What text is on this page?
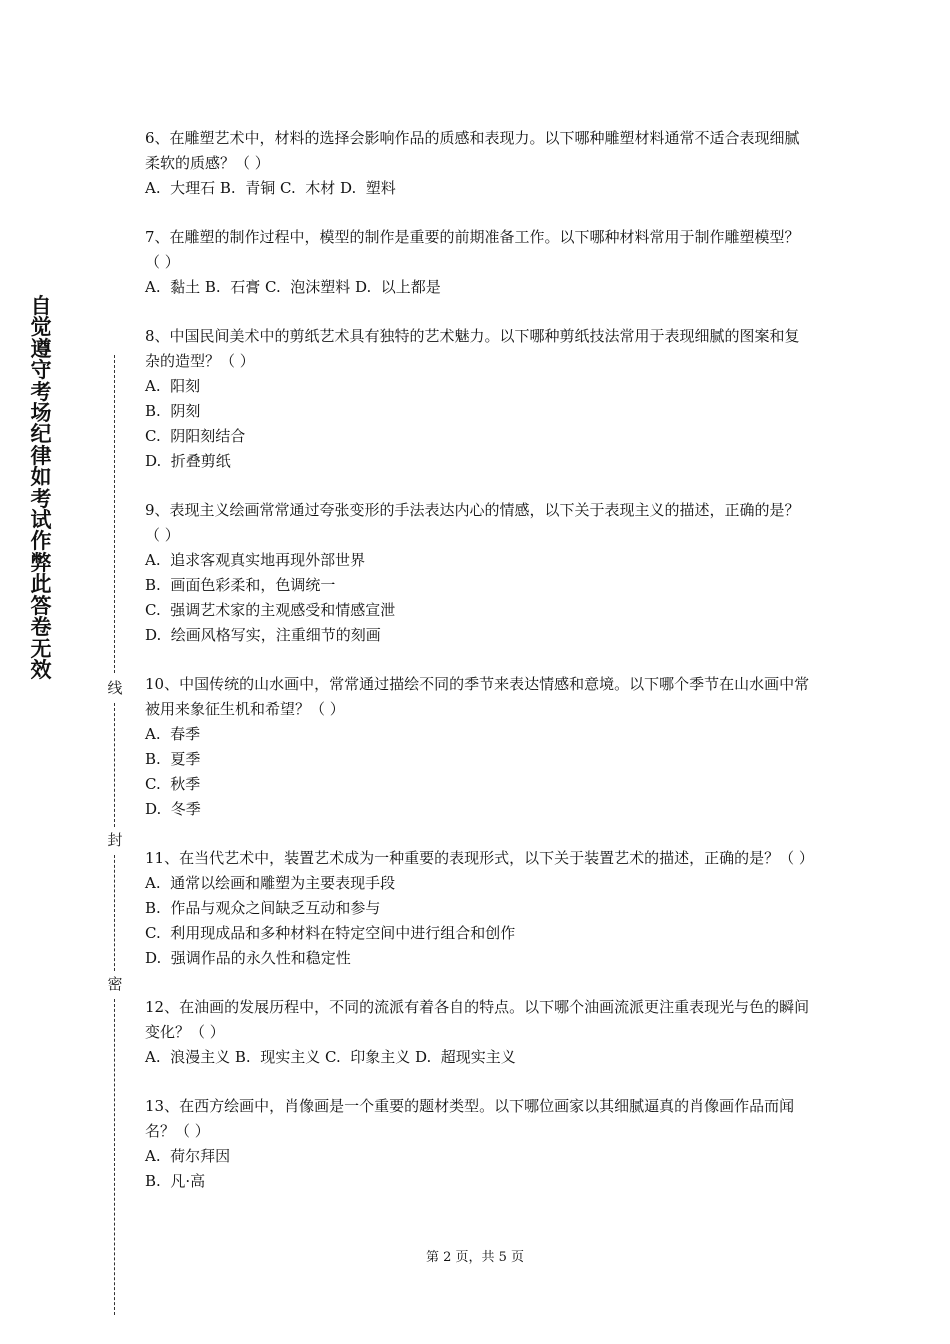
自
觉
遵
守
考
场
纪
律
如
考
试
作
弊
此
答
卷
无
效
线
封
密

6、在雕塑艺术中，材料的选择会影响作品的质感和表现力。以下哪种雕塑材料通常不适合表现细腻柔软的质感？（ ）

A.  大理石 B.  青铜 C.  木材 D.  塑料

7、在雕塑的制作过程中，模型的制作是重要的前期准备工作。以下哪种材料常用于制作雕塑模型？（ ）

A.  黏土 B.  石膏 C.  泡沫塑料 D.  以上都是

8、中国民间美术中的剪纸艺术具有独特的艺术魅力。以下哪种剪纸技法常用于表现细腻的图案和复杂的造型？（ ）

A.  阳刻

B.  阴刻

C.  阴阳刻结合

D.  折叠剪纸

9、表现主义绘画常常通过夸张变形的手法表达内心的情感，以下关于表现主义的描述，正确的是？（ ）

A.  追求客观真实地再现外部世界

B.  画面色彩柔和，色调统一

C.  强调艺术家的主观感受和情感宣泄

D.  绘画风格写实，注重细节的刻画

10、中国传统的山水画中，常常通过描绘不同的季节来表达情感和意境。以下哪个季节在山水画中常被用来象征生机和希望？（ ）

A.  春季

B.  夏季

C.  秋季

D.  冬季

11、在当代艺术中，装置艺术成为一种重要的表现形式，以下关于装置艺术的描述，正确的是？（ ）

A.  通常以绘画和雕塑为主要表现手段

B.  作品与观众之间缺乏互动和参与

C.  利用现成品和多种材料在特定空间中进行组合和创作

D.  强调作品的永久性和稳定性

12、在油画的发展历程中，不同的流派有着各自的特点。以下哪个油画流派更注重表现光与色的瞬间变化？（ ）

A.  浪漫主义 B.  现实主义 C.  印象主义 D.  超现实主义

13、在西方绘画中，肖像画是一个重要的题材类型。以下哪位画家以其细腻逼真的肖像画作品而闻名？（ ）

A.  荷尔拜因

B.  凡·高

第 2 页，共 5 页
